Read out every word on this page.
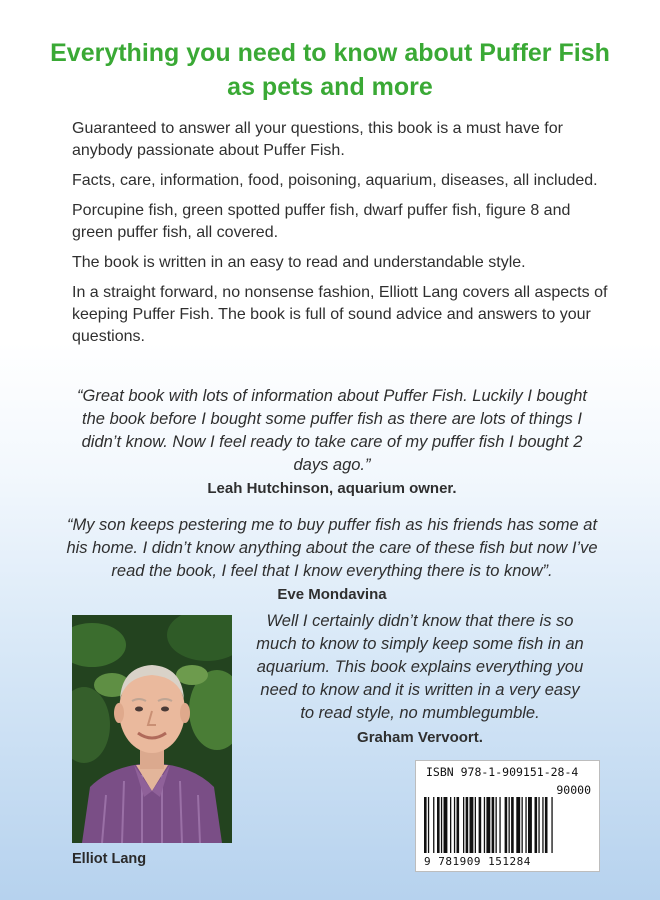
Everything you need to know about Puffer Fish as pets and more

Guaranteed to answer all your questions, this book is a must have for anybody passionate about Puffer Fish.

Facts, care, information, food, poisoning, aquarium, diseases, all included.

Porcupine fish, green spotted puffer fish, dwarf puffer fish, figure 8 and green puffer fish, all covered.

The book is written in an easy to read and understandable style.

In a straight forward, no nonsense fashion, Elliott Lang covers all aspects of keeping Puffer Fish. The book is full of sound advice and answers to your questions.

“Great book with lots of information about Puffer Fish. Luckily I bought the book before I bought some puffer fish as there are lots of things I didn’t know. Now I feel ready to take care of my puffer fish I bought 2 days ago.”

Leah Hutchinson, aquarium owner.

“My son keeps pestering me to buy puffer fish as his friends has some at his home. I didn’t know anything about the care of these fish but now I’ve read the book, I feel that I know everything there is to know”.

Eve Mondavina

Well I certainly didn’t know that there is so much to know to simply keep some fish in an aquarium. This book explains everything you need to know and it is written in a very easy to read style, no mumblegumble.

Graham Vervoort.

Elliot Lang

ISBN 978-1-909151-28-4

90000

9 781909 151284
